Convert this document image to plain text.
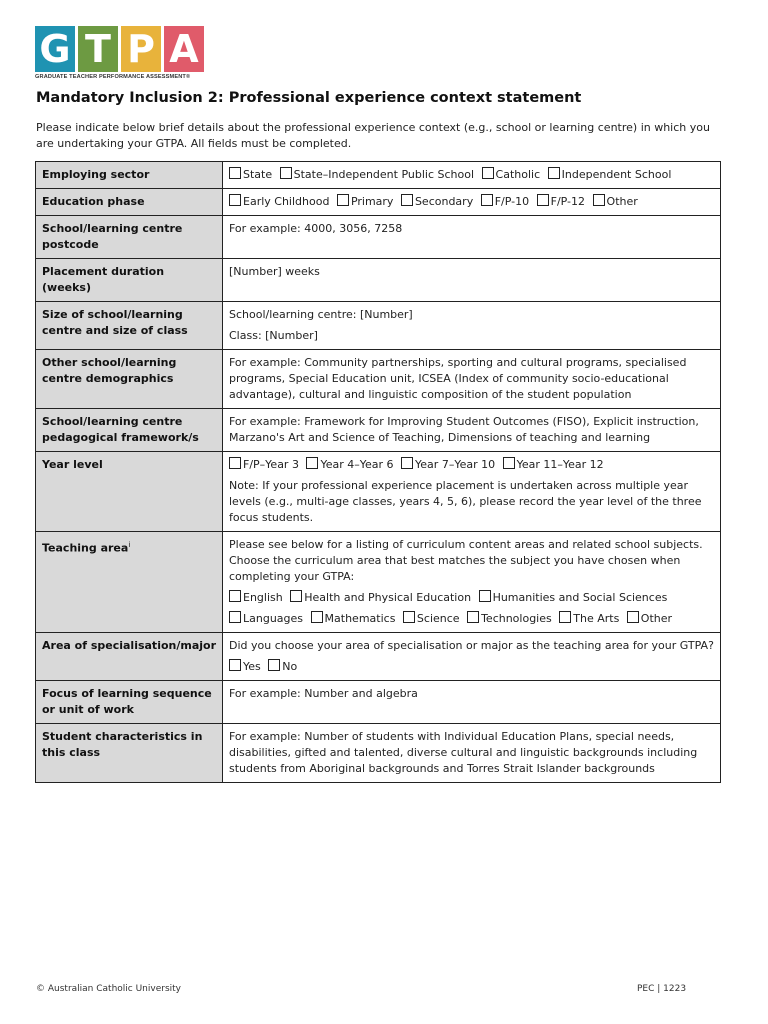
G T P A
GRADUATE TEACHER PERFORMANCE ASSESSMENT®
Mandatory Inclusion 2: Professional experience context statement

Please indicate below brief details about the professional experience context (e.g., school or learning centre) in which you are undertaking your GTPA. All fields must be completed.

Employing sector	State State–Independent Public School Catholic Independent School
Education phase	Early Childhood Primary Secondary F/P-10 F/P-12 Other
School/learning centre postcode	For example: 4000, 3056, 7258
Placement duration (weeks)	[Number] weeks
Size of school/learning centre and size of class	School/learning centre: [Number]

Class: [Number]

Other school/learning centre demographics	For example: Community partnerships, sporting and cultural programs, specialised programs, Special Education unit, ICSEA (Index of community socio-educational advantage), cultural and linguistic composition of the student population
School/learning centre pedagogical framework/s	For example: Framework for Improving Student Outcomes (FISO), Explicit instruction, Marzano's Art and Science of Teaching, Dimensions of teaching and learning
Year level	F/P–Year 3 Year 4–Year 6 Year 7–Year 10 Year 11–Year 12

Note: If your professional experience placement is undertaken across multiple year levels (e.g., multi-age classes, years 4, 5, 6), please record the year level of the three focus students.

Teaching area$^i$	Please see below for a listing of curriculum content areas and related school subjects. Choose the curriculum area that best matches the subject you have chosen when completing your GTPA:

English Health and Physical Education Humanities and Social Sciences

Languages Mathematics Science Technologies The Arts Other

Area of specialisation/major	Did you choose your area of specialisation or major as the teaching area for your GTPA?

Yes No

Focus of learning sequence or unit of work	For example: Number and algebra
Student characteristics in this class	For example: Number of students with Individual Education Plans, special needs, disabilities, gifted and talented, diverse cultural and linguistic backgrounds including students from Aboriginal backgrounds and Torres Strait Islander backgrounds
© Australian Catholic University	PEC | 1223
